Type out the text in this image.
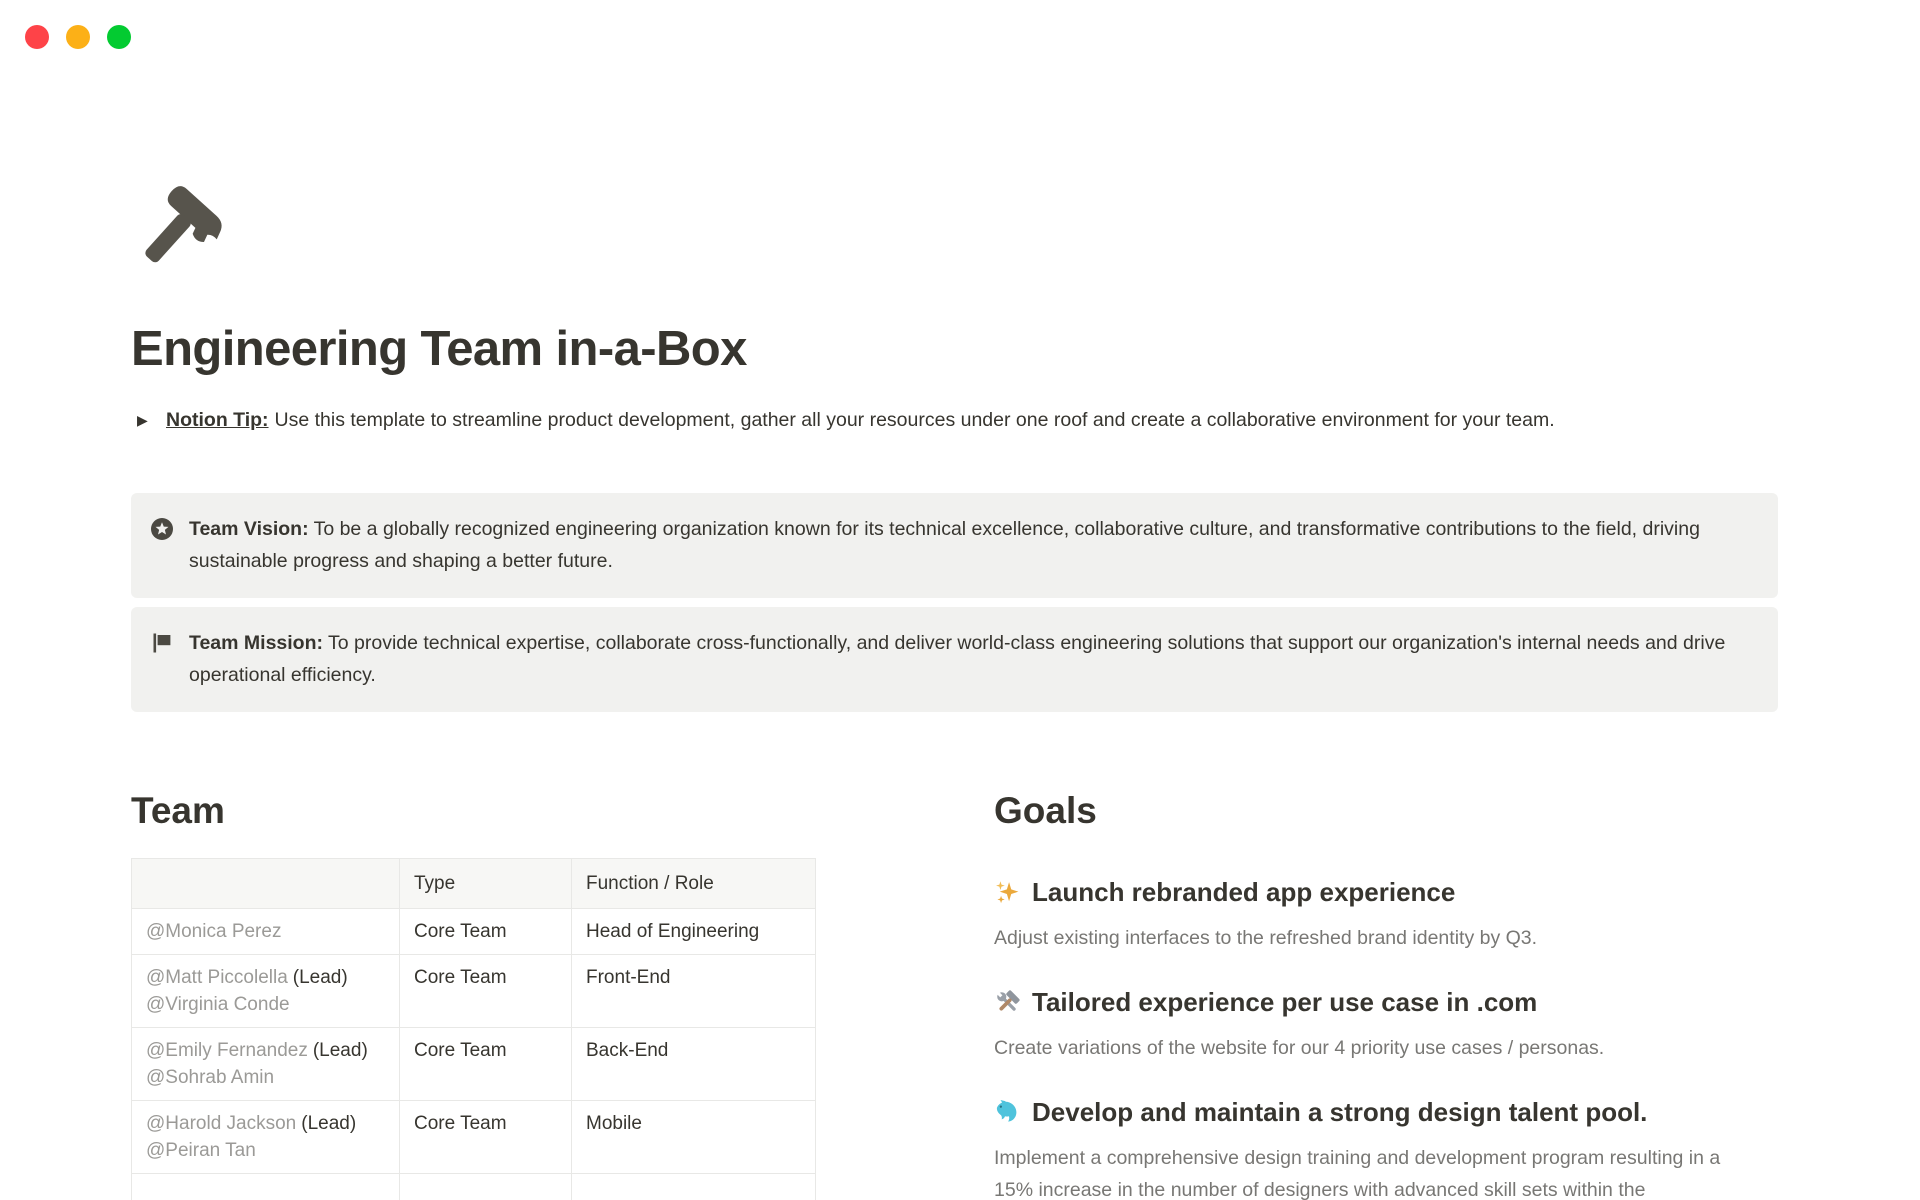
Engineering Team in-a-Box
▶ Notion Tip: Use this template to streamline product development, gather all your resources under one roof and create a collaborative environment for your team.

Team Vision: To be a globally recognized engineering organization known for its technical excellence, collaborative culture, and transformative contributions to the field, driving sustainable progress and shaping a better future.

Team Mission: To provide technical expertise, collaborate cross-functionally, and deliver world-class engineering solutions that support our organization's internal needs and drive operational efficiency.

Team
	Type	Function / Role

@Monica Perez	Core Team	Head of Engineering

@Matt Piccolella (Lead)
@Virginia Conde	Core Team	Front-End

@Emily Fernandez (Lead)
@Sohrab Amin	Core Team	Back-End

@Harold Jackson (Lead)
@Peiran Tan	Core Team	Mobile

Goals
Launch rebranded app experience

Adjust existing interfaces to the refreshed brand identity by Q3.

Tailored experience per use case in .com

Create variations of the website for our 4 priority use cases / personas.

Develop and maintain a strong design talent pool.

Implement a comprehensive design training and development program resulting in a 15% increase in the number of designers with advanced skill sets within the
